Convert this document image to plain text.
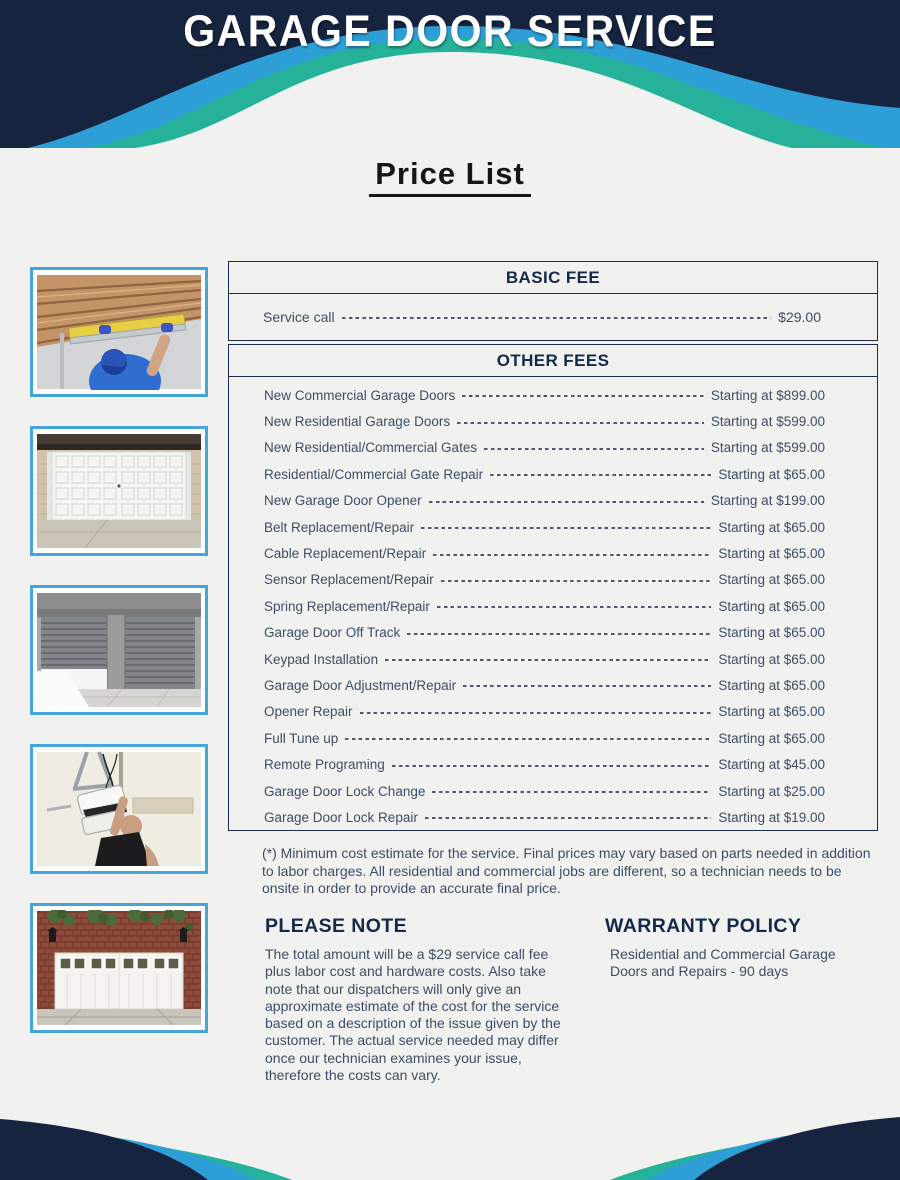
GARAGE DOOR SERVICE
Price List
BASIC FEE
Service call	$29.00
OTHER FEES
New Commercial Garage Doors	Starting at $899.00
New Residential Garage Doors	Starting at $599.00
New Residential/Commercial Gates	Starting at $599.00
Residential/Commercial Gate Repair	Starting at $65.00
New Garage Door Opener	Starting at $199.00
Belt Replacement/Repair	Starting at $65.00
Cable Replacement/Repair	Starting at $65.00
Sensor Replacement/Repair	Starting at $65.00
Spring Replacement/Repair	Starting at $65.00
Garage Door Off Track	Starting at $65.00
Keypad Installation	Starting at $65.00
Garage Door Adjustment/Repair	Starting at $65.00
Opener Repair	Starting at $65.00
Full Tune up	Starting at $65.00
Remote Programing	Starting at $45.00
Garage Door Lock Change	Starting at $25.00
Garage Door Lock Repair	Starting at $19.00
(*) Minimum cost estimate for the service. Final prices may vary based on parts needed in addition to labor charges. All residential and commercial jobs are different, so a technician needs to be onsite in order to provide an accurate final price.
PLEASE NOTE	WARRANTY POLICY
The total amount will be a $29 service call fee plus labor cost and hardware costs. Also take note that our dispatchers will only give an approximate estimate of the cost for the service based on a description of the issue given by the customer. The actual service needed may differ once our technician examines your issue, therefore the costs can vary.
Residential and Commercial Garage Doors and Repairs - 90 days
